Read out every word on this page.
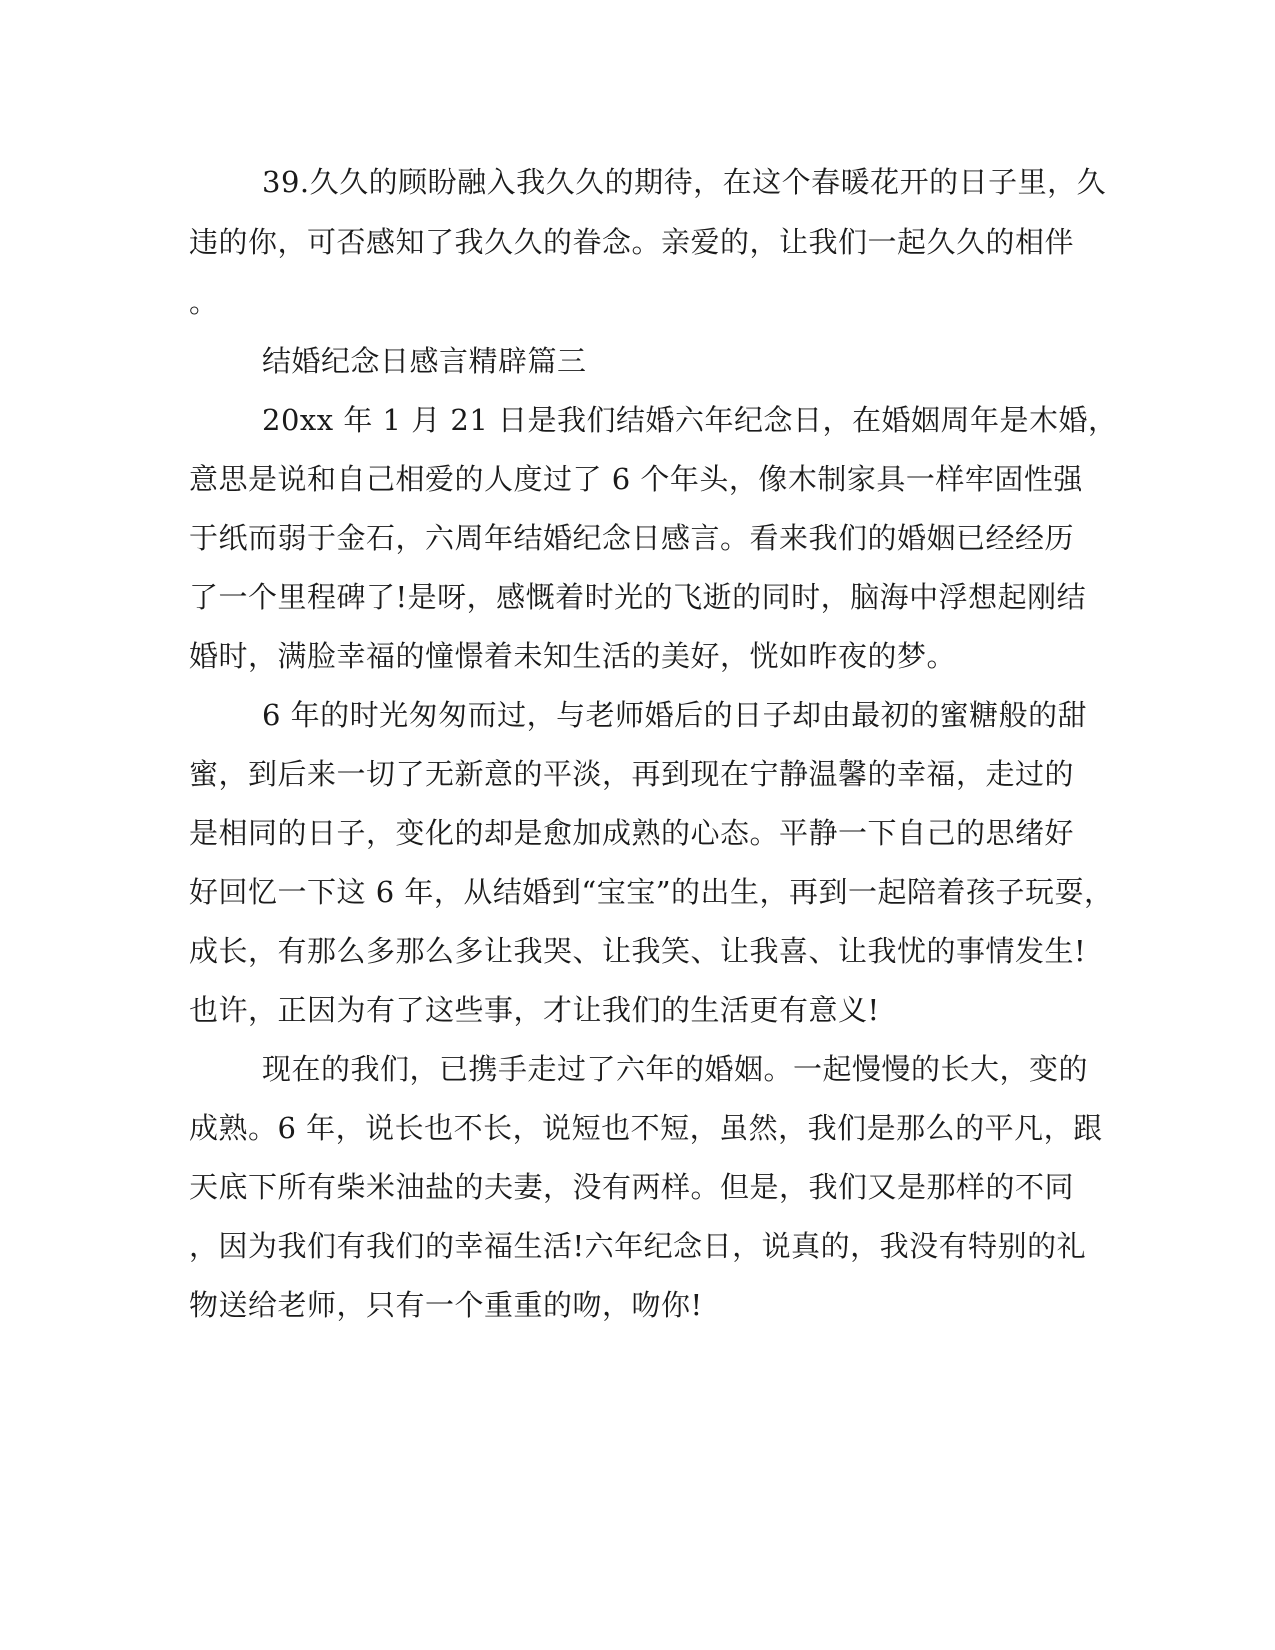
39.久久的顾盼融入我久久的期待，在这个春暖花开的日子里，久
违的你，可否感知了我久久的眷念。亲爱的，让我们一起久久的相伴
。
结婚纪念日感言精辟篇三
20xx 年 1 月 21 日是我们结婚六年纪念日，在婚姻周年是木婚，
意思是说和自己相爱的人度过了 6 个年头，像木制家具一样牢固性强
于纸而弱于金石，六周年结婚纪念日感言。看来我们的婚姻已经经历
了一个里程碑了!是呀，感慨着时光的飞逝的同时，脑海中浮想起刚结
婚时，满脸幸福的憧憬着未知生活的美好，恍如昨夜的梦。
6 年的时光匆匆而过，与老师婚后的日子却由最初的蜜糖般的甜
蜜，到后来一切了无新意的平淡，再到现在宁静温馨的幸福，走过的
是相同的日子，变化的却是愈加成熟的心态。平静一下自己的思绪好
好回忆一下这 6 年，从结婚到“宝宝”的出生，再到一起陪着孩子玩耍，
成长，有那么多那么多让我哭、让我笑、让我喜、让我忧的事情发生!
也许，正因为有了这些事，才让我们的生活更有意义!
现在的我们，已携手走过了六年的婚姻。一起慢慢的长大，变的
成熟。6 年，说长也不长，说短也不短，虽然，我们是那么的平凡，跟
天底下所有柴米油盐的夫妻，没有两样。但是，我们又是那样的不同
，因为我们有我们的幸福生活!六年纪念日，说真的，我没有特别的礼
物送给老师，只有一个重重的吻，吻你!
